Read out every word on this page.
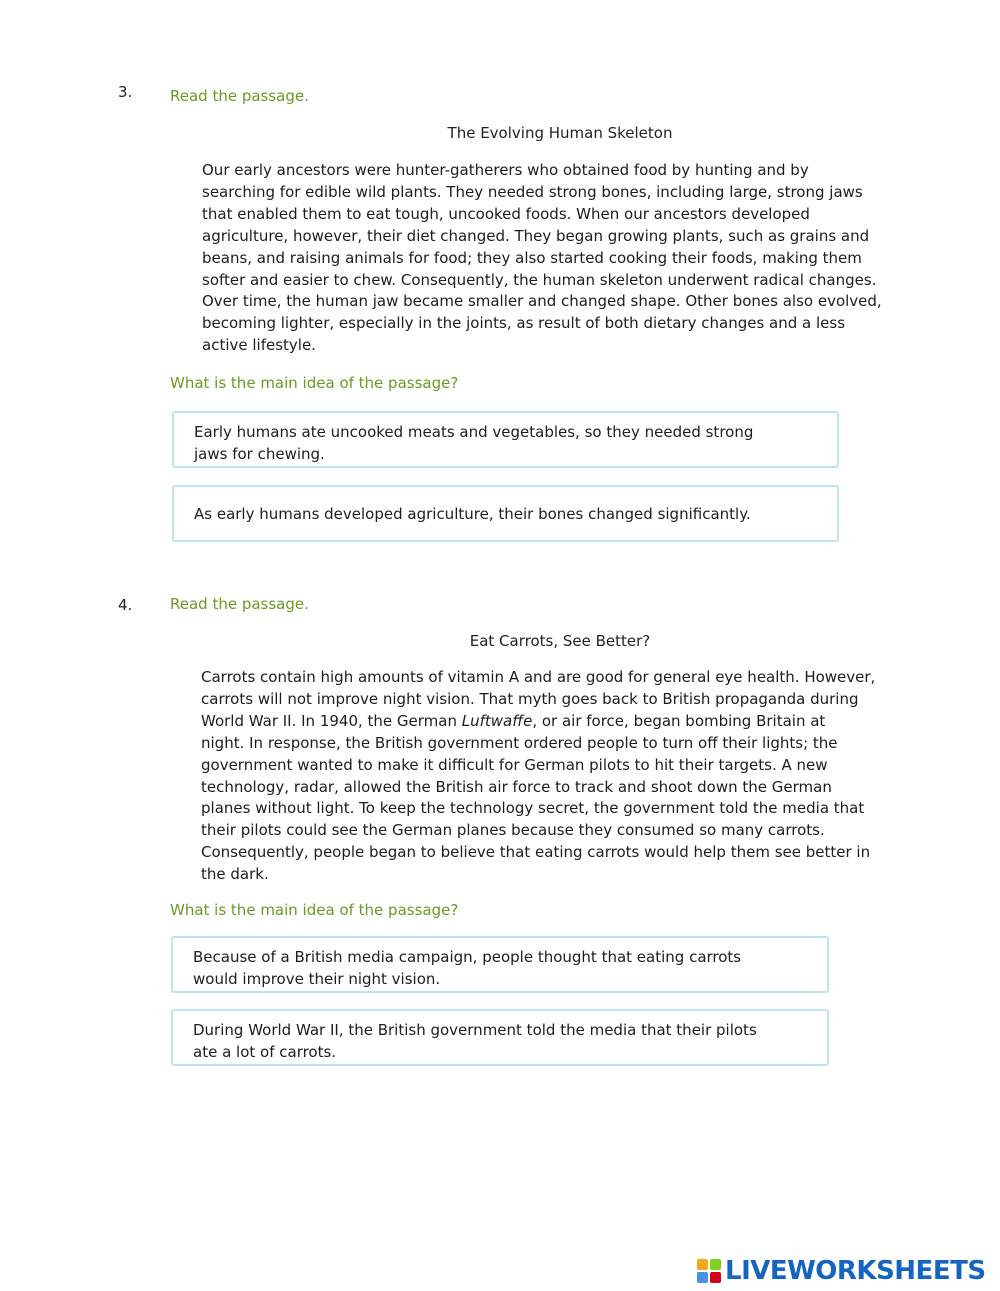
3.	Read the passage.
The Evolving Human Skeleton
Our early ancestors were hunter-gatherers who obtained food by hunting and by
searching for edible wild plants. They needed strong bones, including large, strong jaws
that enabled them to eat tough, uncooked foods. When our ancestors developed
agriculture, however, their diet changed. They began growing plants, such as grains and
beans, and raising animals for food; they also started cooking their foods, making them
softer and easier to chew. Consequently, the human skeleton underwent radical changes.
Over time, the human jaw became smaller and changed shape. Other bones also evolved,
becoming lighter, especially in the joints, as result of both dietary changes and a less
active lifestyle.
What is the main idea of the passage?
Early humans ate uncooked meats and vegetables, so they needed strong
jaws for chewing.
As early humans developed agriculture, their bones changed significantly.
4.	Read the passage.
Eat Carrots, See Better?
Carrots contain high amounts of vitamin A and are good for general eye health. However,
carrots will not improve night vision. That myth goes back to British propaganda during
World War II. In 1940, the German Luftwaffe, or air force, began bombing Britain at
night. In response, the British government ordered people to turn off their lights; the
government wanted to make it difficult for German pilots to hit their targets. A new
technology, radar, allowed the British air force to track and shoot down the German
planes without light. To keep the technology secret, the government told the media that
their pilots could see the German planes because they consumed so many carrots.
Consequently, people began to believe that eating carrots would help them see better in
the dark.
What is the main idea of the passage?
Because of a British media campaign, people thought that eating carrots
would improve their night vision.
During World War II, the British government told the media that their pilots
ate a lot of carrots.
LIVEWORKSHEETS
